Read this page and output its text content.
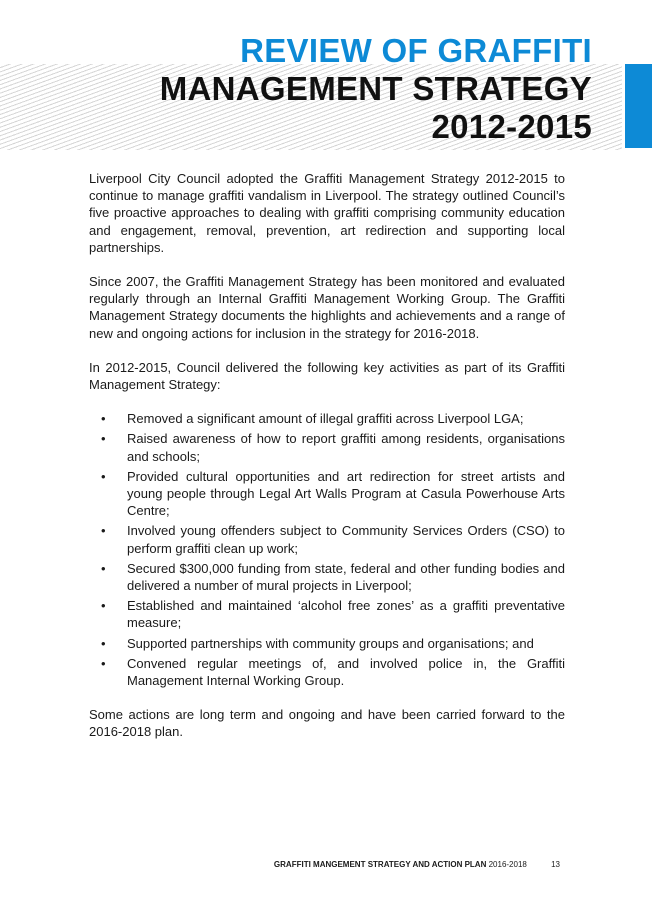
REVIEW OF GRAFFITI
MANAGEMENT STRATEGY
2012-2015

Liverpool City Council adopted the Graffiti Management Strategy 2012-2015 to continue to manage graffiti vandalism in Liverpool. The strategy outlined Council’s five proactive approaches to dealing with graffiti comprising community education and engagement, removal, prevention, art redirection and supporting local partnerships.

Since 2007, the Graffiti Management Strategy has been monitored and evaluated regularly through an Internal Graffiti Management Working Group. The Graffiti Management Strategy documents the highlights and achievements and a range of new and ongoing actions for inclusion in the strategy for 2016-2018.

In 2012-2015, Council delivered the following key activities as part of its Graffiti Management Strategy:

• Removed a significant amount of illegal graffiti across Liverpool LGA;
• Raised awareness of how to report graffiti among residents, organisations and schools;
• Provided cultural opportunities and art redirection for street artists and young people through Legal Art Walls Program at Casula Powerhouse Arts Centre;
• Involved young offenders subject to Community Services Orders (CSO) to perform graffiti clean up work;
• Secured $300,000 funding from state, federal and other funding bodies and delivered a number of mural projects in Liverpool;
• Established and maintained ‘alcohol free zones’ as a graffiti preventative measure;
• Supported partnerships with community groups and organisations; and
• Convened regular meetings of, and involved police in, the Graffiti Management Internal Working Group.

Some actions are long term and ongoing and have been carried forward to the 2016-2018 plan.

GRAFFITI MANGEMENT STRATEGY AND ACTION PLAN 2016-2018	13
